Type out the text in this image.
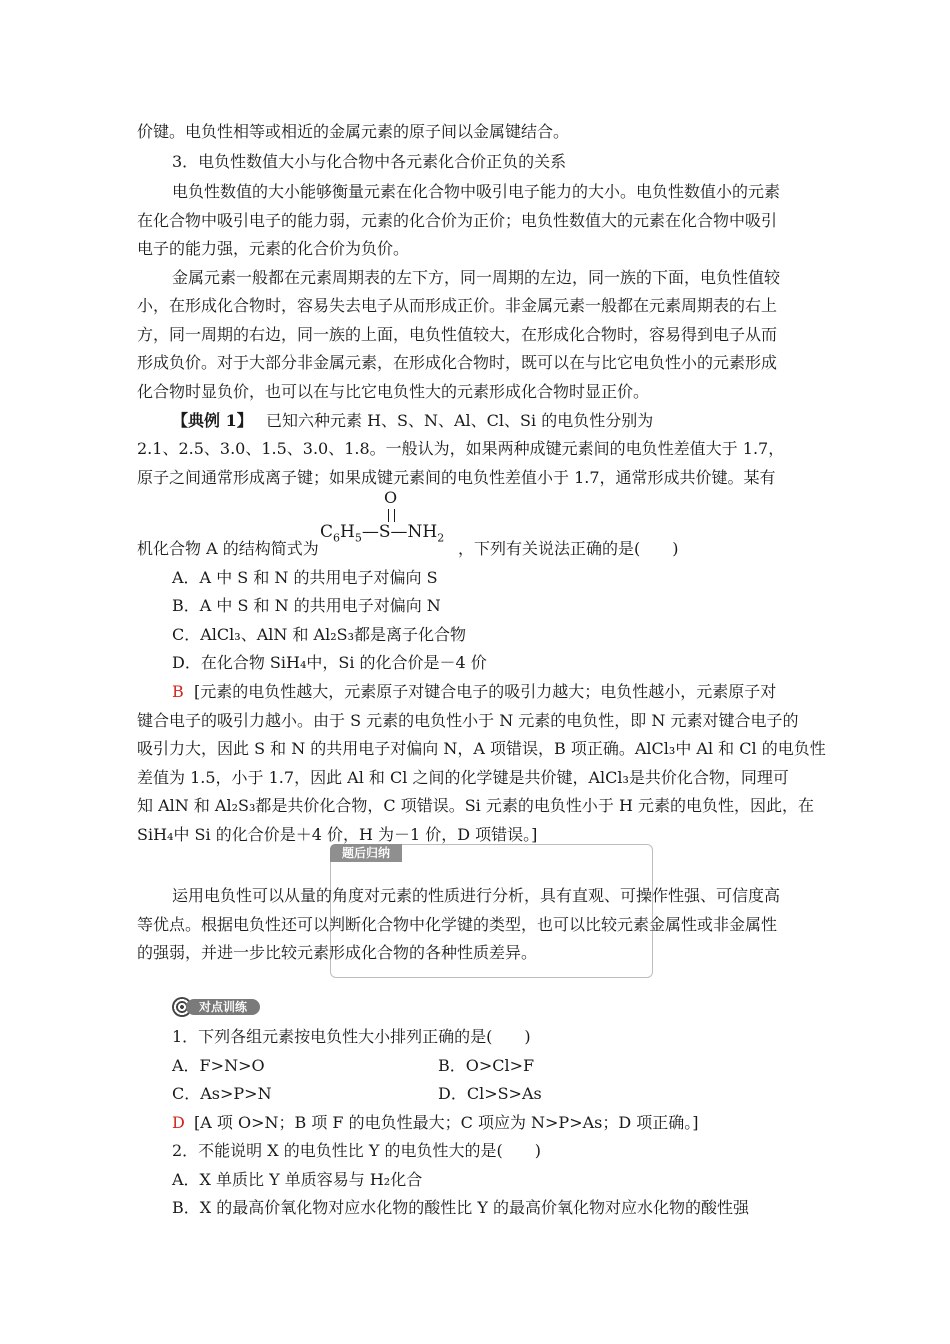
价键。电负性相等或相近的金属元素的原子间以金属键结合。
3．电负性数值大小与化合物中各元素化合价正负的关系
电负性数值的大小能够衡量元素在化合物中吸引电子能力的大小。电负性数值小的元素
在化合物中吸引电子的能力弱，元素的化合价为正价；电负性数值大的元素在化合物中吸引
电子的能力强，元素的化合价为负价。
金属元素一般都在元素周期表的左下方，同一周期的左边，同一族的下面，电负性值较
小，在形成化合物时，容易失去电子从而形成正价。非金属元素一般都在元素周期表的右上
方，同一周期的右边，同一族的上面，电负性值较大，在形成化合物时，容易得到电子从而
形成负价。对于大部分非金属元素，在形成化合物时，既可以在与比它电负性小的元素形成
化合物时显负价，也可以在与比它电负性大的元素形成化合物时显正价。
【典例 1】 已知六种元素 H、S、N、Al、Cl、Si 的电负性分别为
2.1、2.5、3.0、1.5、3.0、1.8。一般认为，如果两种成键元素间的电负性差值大于 1.7，
原子之间通常形成离子键；如果成键元素间的电负性差值小于 1.7，通常形成共价键。某有
机化合物 A 的结构简式为
O
$C_6H_5—S—NH_2$
，下列有关说法正确的是(　　)
A．A 中 S 和 N 的共用电子对偏向 S
B．A 中 S 和 N 的共用电子对偏向 N
C．AlCl₃、AlN 和 Al₂S₃都是离子化合物
D．在化合物 SiH₄中，Si 的化合价是－4 价
B [元素的电负性越大，元素原子对键合电子的吸引力越大；电负性越小，元素原子对
键合电子的吸引力越小。由于 S 元素的电负性小于 N 元素的电负性，即 N 元素对键合电子的
吸引力大，因此 S 和 N 的共用电子对偏向 N，A 项错误，B 项正确。AlCl₃中 Al 和 Cl 的电负性
差值为 1.5，小于 1.7，因此 Al 和 Cl 之间的化学键是共价键，AlCl₃是共价化合物，同理可
知 AlN 和 Al₂S₃都是共价化合物，C 项错误。Si 元素的电负性小于 H 元素的电负性，因此，在
SiH₄中 Si 的化合价是＋4 价，H 为－1 价，D 项错误。]
题后归纳
运用电负性可以从量的角度对元素的性质进行分析，具有直观、可操作性强、可信度高
等优点。根据电负性还可以判断化合物中化学键的类型，也可以比较元素金属性或非金属性
的强弱，并进一步比较元素形成化合物的各种性质差异。
对点训练
1．下列各组元素按电负性大小排列正确的是(　　)
A．F>N>O	B．O>Cl>F
C．As>P>N	D．Cl>S>As
D [A 项 O>N；B 项 F 的电负性最大；C 项应为 N>P>As；D 项正确。]
2．不能说明 X 的电负性比 Y 的电负性大的是(　　)
A．X 单质比 Y 单质容易与 H₂化合
B．X 的最高价氧化物对应水化物的酸性比 Y 的最高价氧化物对应水化物的酸性强
